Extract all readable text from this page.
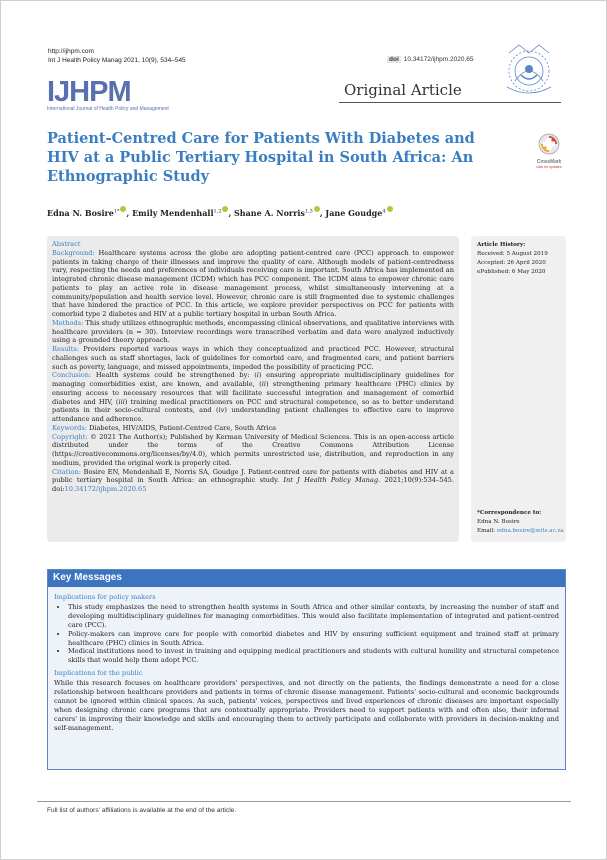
http://ijhpm.com
Int J Health Policy Manag 2021, 10(9), 534–545	doi 10.34172/ijhpm.2020.65
IJHPM
International Journal of Health Policy and Management
Original Article
Patient-Centred Care for Patients With Diabetes and HIV at a Public Tertiary Hospital in South Africa: An Ethnographic Study
CrossMark
click for updates
Edna N. Bosire$^{1*}$ , Emily Mendenhall$^{1,2}$ , Shane A. Norris$^{1,3}$ , Jane Goudge$^4$

Abstract

Background: Healthcare systems across the globe are adopting patient-centred care (PCC) approach to empower patients in taking charge of their illnesses and improve the quality of care. Although models of patient-centredness vary, respecting the needs and preferences of individuals receiving care is important. South Africa has implemented an integrated chronic disease management (ICDM) which has PCC component. The ICDM aims to empower chronic care patients to play an active role in disease management process, whilst simultaneously intervening at a community/population and health service level. However, chronic care is still fragmented due to systemic challenges that have hindered the practice of PCC. In this article, we explore provider perspectives on PCC for patients with comorbid type 2 diabetes and HIV at a public tertiary hospital in urban South Africa.

Methods: This study utilizes ethnographic methods, encompassing clinical observations, and qualitative interviews with healthcare providers (n = 30). Interview recordings were transcribed verbatim and data were analyzed inductively using a grounded theory approach.

Results: Providers reported various ways in which they conceptualized and practiced PCC. However, structural challenges such as staff shortages, lack of guidelines for comorbid care, and fragmented care, and patient barriers such as poverty, language, and missed appointments, impeded the possibility of practicing PCC.

Conclusion: Health systems could be strengthened by: (i) ensuring appropriate multidisciplinary guidelines for managing comorbidities exist, are known, and available, (ii) strengthening primary healthcare (PHC) clinics by ensuring access to necessary resources that will facilitate successful integration and management of comorbid diabetes and HIV, (iii) training medical practitioners on PCC and structural competence, so as to better understand patients in their socio-cultural contexts, and (iv) understanding patient challenges to effective care to improve attendance and adherence.

Keywords: Diabetes, HIV/AIDS, Patient-Centred Care, South Africa

Copyright: © 2021 The Author(s); Published by Kerman University of Medical Sciences. This is an open-access article distributed under the terms of the Creative Commons Attribution License (https://creativecommons.org/licenses/by/4.0), which permits unrestricted use, distribution, and reproduction in any medium, provided the original work is properly cited.

Citation: Bosire EN, Mendenhall E, Norris SA, Goudge J. Patient-centred care for patients with diabetes and HIV at a public tertiary hospital in South Africa: an ethnographic study. Int J Health Policy Manag. 2021;10(9):534–545. doi:10.34172/ijhpm.2020.65

Article History:
Received: 5 August 2019
Accepted: 26 April 2020
ePublished: 6 May 2020
*Correspondence to:
Edna N. Bosire
Email: edna.bosire@wits.ac.za
Key Messages
Implications for policy makers
• This study emphasizes the need to strengthen health systems in South Africa and other similar contexts, by increasing the number of staff and developing multidisciplinary guidelines for managing comorbidities. This would also facilitate implementation of integrated and patient-centred care (PCC).
• Policy-makers can improve care for people with comorbid diabetes and HIV by ensuring sufficient equipment and trained staff at primary healthcare (PHC) clinics in South Africa.
• Medical institutions need to invest in training and equipping medical practitioners and students with cultural humility and structural competence skills that would help them adopt PCC.
Implications for the public

While this research focuses on healthcare providers' perspectives, and not directly on the patients, the findings demonstrate a need for a close relationship between healthcare providers and patients in terms of chronic disease management. Patients' socio-cultural and economic backgrounds cannot be ignored within clinical spaces. As such, patients' voices, perspectives and lived experiences of chronic diseases are important especially when designing chronic care programs that are contextually appropriate. Providers need to support patients with and often also, their informal carers' in improving their knowledge and skills and encouraging them to actively participate and collaborate with providers in decision-making and self-management.

Full list of authors' affiliations is available at the end of the article.
